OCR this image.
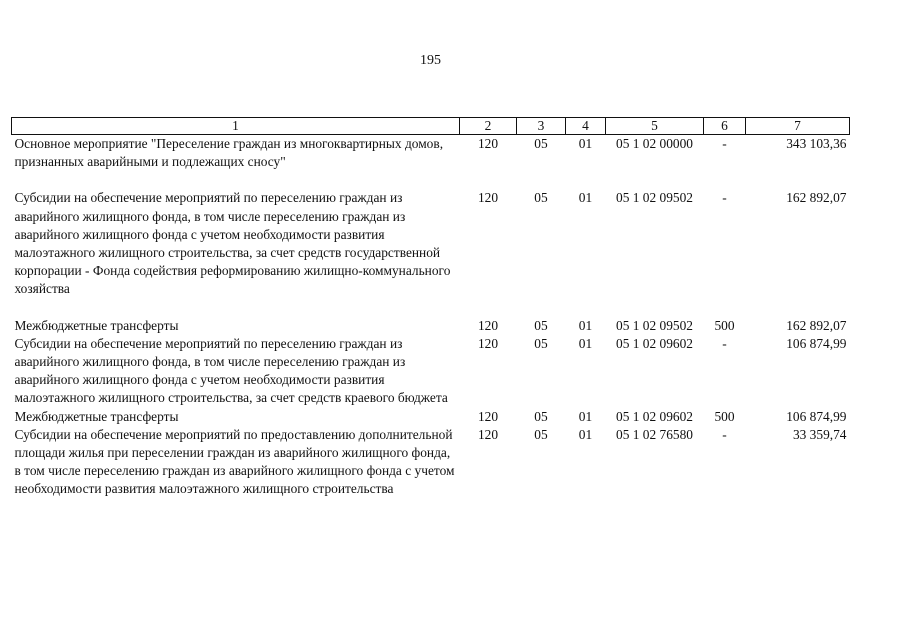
195
1	2	3	4	5	6	7
Основное мероприятие "Переселение граждан из многоквартирных домов, признанных аварийными и подлежащих сносу"	120	05	01	05 1 02 00000	-	343 103,36

Субсидии на обеспечение мероприятий по переселению граждан из аварийного жилищного фонда, в том числе переселению граждан из аварийного жилищного фонда с учетом необходимости развития малоэтажного жилищного строительства, за счет средств государственной корпорации - Фонда содействия реформированию жилищно-коммунального хозяйства	120	05	01	05 1 02 09502	-	162 892,07

Межбюджетные трансферты	120	05	01	05 1 02 09502	500	162 892,07
Субсидии на обеспечение мероприятий по переселению граждан из аварийного жилищного фонда, в том числе переселению граждан из аварийного жилищного фонда с учетом необходимости развития малоэтажного жилищного строительства, за счет средств краевого бюджета	120	05	01	05 1 02 09602	-	106 874,99
Межбюджетные трансферты	120	05	01	05 1 02 09602	500	106 874,99
Субсидии на обеспечение мероприятий по предоставлению дополнительной площади жилья при переселении граждан из аварийного жилищного фонда, в том числе переселению граждан из аварийного жилищного фонда с учетом необходимости развития малоэтажного жилищного строительства	120	05	01	05 1 02 76580	-	33 359,74
